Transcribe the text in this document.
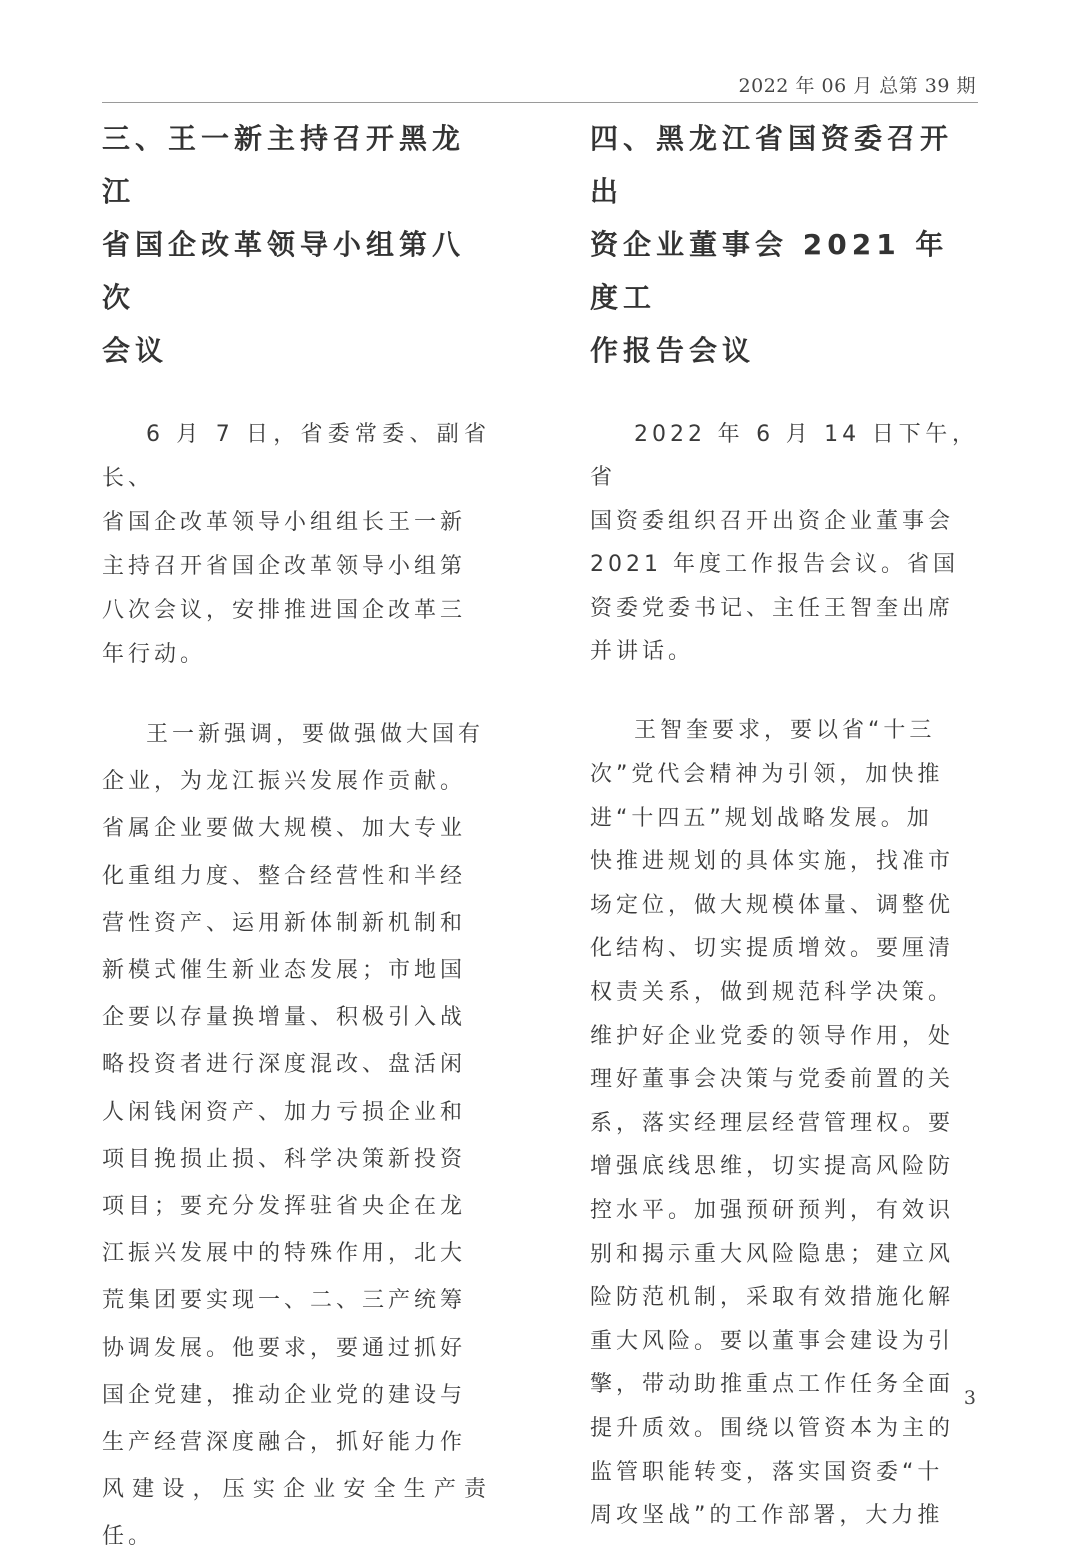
2022 年 06 月 总第 39 期
三、王一新主持召开黑龙江
省国企改革领导小组第八次
会议

6 月 7 日，省委常委、副省长、
省国企改革领导小组组长王一新
主持召开省国企改革领导小组第
八次会议，安排推进国企改革三
年行动。

王一新强调，要做强做大国有
企业，为龙江振兴发展作贡献。
省属企业要做大规模、加大专业
化重组力度、整合经营性和半经
营性资产、运用新体制新机制和
新模式催生新业态发展；市地国
企要以存量换增量、积极引入战
略投资者进行深度混改、盘活闲
人闲钱闲资产、加力亏损企业和
项目挽损止损、科学决策新投资
项目；要充分发挥驻省央企在龙
江振兴发展中的特殊作用，北大
荒集团要实现一、二、三产统筹
协调发展。他要求，要通过抓好
国企党建，推动企业党的建设与
生产经营深度融合，抓好能力作
风建设，压实企业安全生产责任。

四、黑龙江省国资委召开出
资企业董事会 2021 年度工
作报告会议

2022 年 6 月 14 日下午，省
国资委组织召开出资企业董事会
2021 年度工作报告会议。省国
资委党委书记、主任王智奎出席
并讲话。

王智奎要求，要以省“十三
次”党代会精神为引领，加快推
进“十四五”规划战略发展。加
快推进规划的具体实施，找准市
场定位，做大规模体量、调整优
化结构、切实提质增效。要厘清
权责关系，做到规范科学决策。
维护好企业党委的领导作用，处
理好董事会决策与党委前置的关
系，落实经理层经营管理权。要
增强底线思维，切实提高风险防
控水平。加强预研预判，有效识
别和揭示重大风险隐患；建立风
险防范机制，采取有效措施化解
重大风险。要以董事会建设为引
擎，带动助推重点工作任务全面
提升质效。围绕以管资本为主的
监管职能转变，落实国资委“十
周攻坚战”的工作部署，大力推

3
